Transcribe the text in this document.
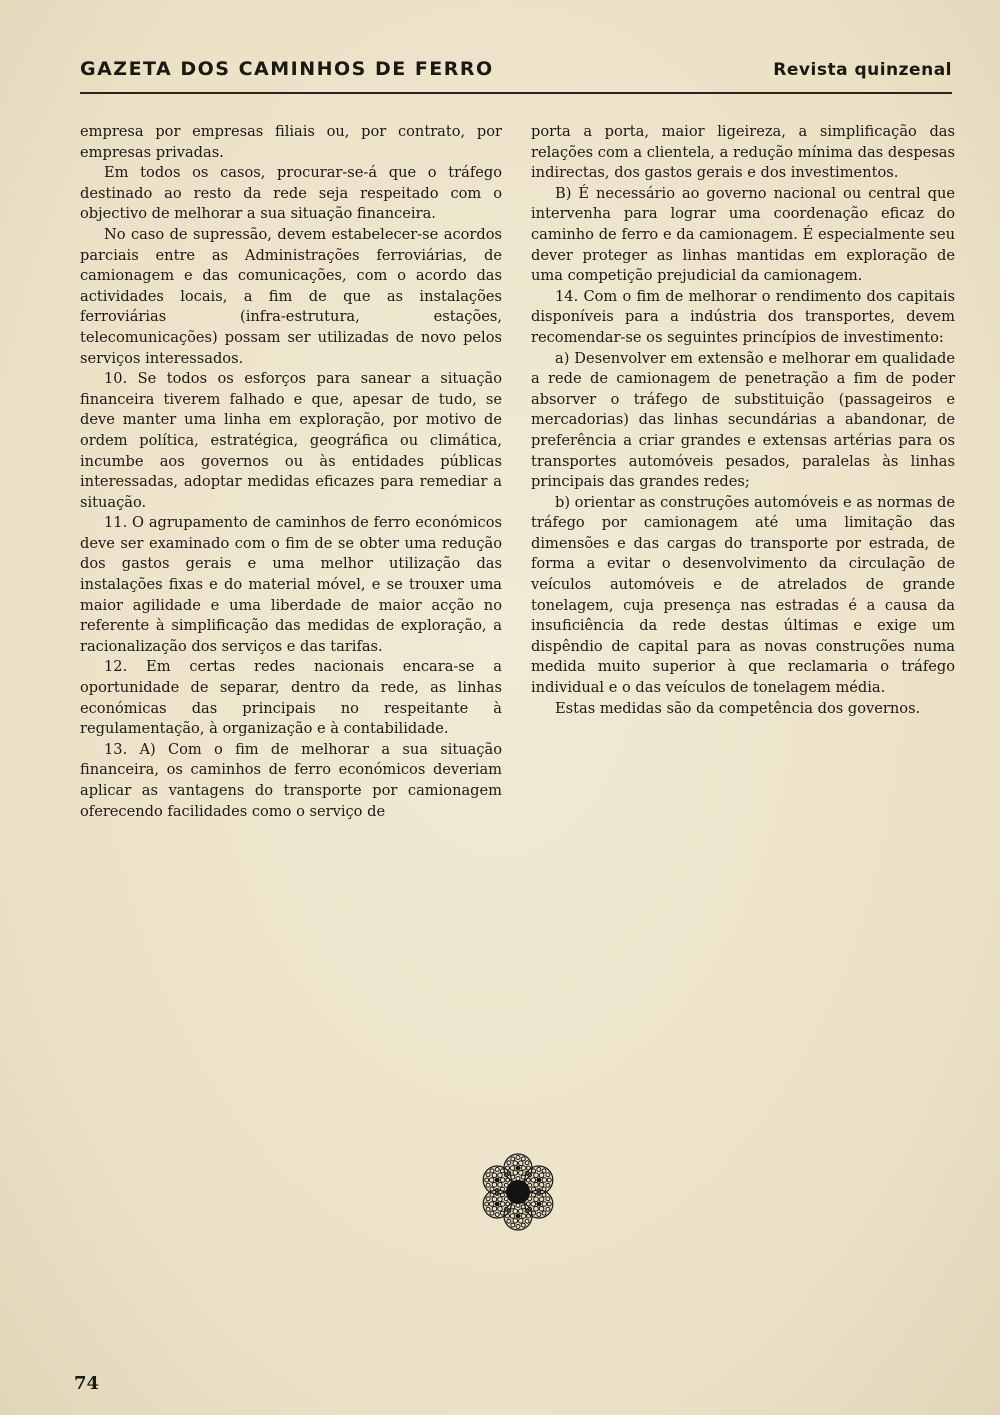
GAZETA DOS CAMINHOS DE FERRO	Revista quinzenal

empresa por empresas filiais ou, por contrato, por empresas privadas.

Em todos os casos, procurar-se-á que o tráfego destinado ao resto da rede seja respeitado com o objectivo de melhorar a sua situação financeira.

No caso de supressão, devem estabelecer-se acordos parciais entre as Administrações ferroviárias, de camionagem e das comunicações, com o acordo das actividades locais, a fim de que as instalações ferroviárias (infra-estrutura, estações, telecomunicações) possam ser utilizadas de novo pelos serviços interessados.

10. Se todos os esforços para sanear a situação financeira tiverem falhado e que, apesar de tudo, se deve manter uma linha em exploração, por motivo de ordem política, estratégica, geográfica ou climática, incumbe aos governos ou às entidades públicas interessadas, adoptar medidas eficazes para remediar a situação.

11. O agrupamento de caminhos de ferro económicos deve ser examinado com o fim de se obter uma redução dos gastos gerais e uma melhor utilização das instalações fixas e do material móvel, e se trouxer uma maior agilidade e uma liberdade de maior acção no referente à simplificação das medidas de exploração, a racionalização dos serviços e das tarifas.

12. Em certas redes nacionais encara-se a oportunidade de separar, dentro da rede, as linhas económicas das principais no respeitante à regulamentação, à organização e à contabilidade.

13. A) Com o fim de melhorar a sua situação financeira, os caminhos de ferro económicos deveriam aplicar as vantagens do transporte por camionagem oferecendo facilidades como o serviço de

porta a porta, maior ligeireza, a simplificação das relações com a clientela, a redução mínima das despesas indirectas, dos gastos gerais e dos investimentos.

B) É necessário ao governo nacional ou central que intervenha para lograr uma coordenação eficaz do caminho de ferro e da camionagem. É especialmente seu dever proteger as linhas mantidas em exploração de uma competição prejudicial da camionagem.

14. Com o fim de melhorar o rendimento dos capitais disponíveis para a indústria dos transportes, devem recomendar-se os seguintes princípios de investimento:

a) Desenvolver em extensão e melhorar em qualidade a rede de camionagem de penetração a fim de poder absorver o tráfego de substituição (passageiros e mercadorias) das linhas secundárias a abandonar, de preferência a criar grandes e extensas artérias para os transportes automóveis pesados, paralelas às linhas principais das grandes redes;

b) orientar as construções automóveis e as normas de tráfego por camionagem até uma limitação das dimensões e das cargas do transporte por estrada, de forma a evitar o desenvolvimento da circulação de veículos automóveis e de atrelados de grande tonelagem, cuja presença nas estradas é a causa da insuficiência da rede destas últimas e exige um dispêndio de capital para as novas construções numa medida muito superior à que reclamaria o tráfego individual e o das veículos de tonelagem média.

Estas medidas são da competência dos governos.

74
